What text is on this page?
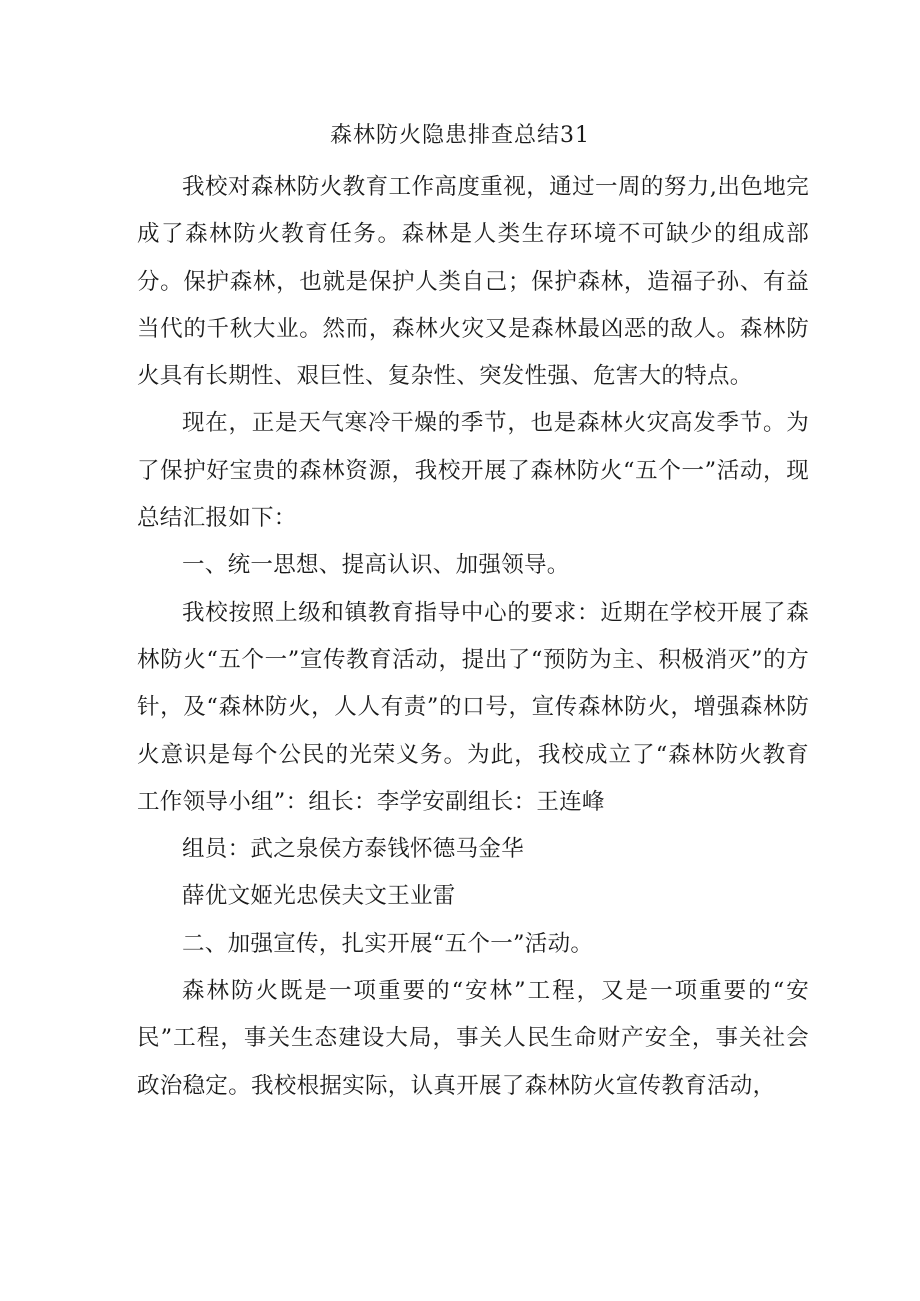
森林防火隐患排查总结31

我校对森林防火教育工作高度重视，通过一周的努力,出色地完成了森林防火教育任务。森林是人类生存环境不可缺少的组成部分。保护森林，也就是保护人类自己；保护森林，造福子孙、有益当代的千秋大业。然而，森林火灾又是森林最凶恶的敌人。森林防火具有长期性、艰巨性、复杂性、突发性强、危害大的特点。

现在，正是天气寒冷干燥的季节，也是森林火灾高发季节。为了保护好宝贵的森林资源，我校开展了森林防火“五个一”活动，现总结汇报如下：

一、统一思想、提高认识、加强领导。

我校按照上级和镇教育指导中心的要求：近期在学校开展了森林防火“五个一”宣传教育活动，提出了“预防为主、积极消灭”的方针，及“森林防火，人人有责”的口号，宣传森林防火，增强森林防火意识是每个公民的光荣义务。为此，我校成立了“森林防火教育工作领导小组”：组长：李学安副组长：王连峰

组员：武之泉侯方泰钱怀德马金华

薛优文姬光忠侯夫文王业雷

二、加强宣传，扎实开展“五个一”活动。

森林防火既是一项重要的“安林”工程，又是一项重要的“安民”工程，事关生态建设大局，事关人民生命财产安全，事关社会政治稳定。我校根据实际，认真开展了森林防火宣传教育活动，
